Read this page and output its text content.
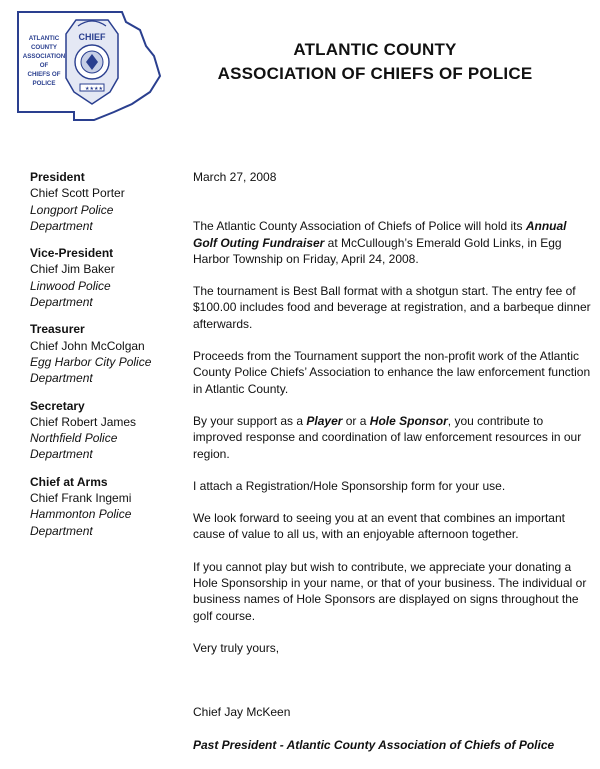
★★★★
CHIEF
ATLANTIC
COUNTY
ASSOCIATION
OF
CHIEFS OF
POLICE
ATLANTIC COUNTY
ASSOCIATION OF CHIEFS OF POLICE
President
Chief Scott Porter
Longport Police Department
Vice-President
Chief Jim Baker
Linwood Police Department
Treasurer
Chief John McColgan
Egg Harbor City Police Department
Secretary
Chief Robert James
Northfield Police Department
Chief at Arms
Chief Frank Ingemi
Hammonton Police Department

March 27, 2008

The Atlantic County Association of Chiefs of Police will hold its Annual Golf Outing Fundraiser at McCullough’s Emerald Gold Links, in Egg Harbor Township on Friday, April 24, 2008.

The tournament is Best Ball format with a shotgun start. The entry fee of $100.00 includes food and beverage at registration, and a barbeque dinner afterwards.

Proceeds from the Tournament support the non-profit work of the Atlantic County Police Chiefs’ Association to enhance the law enforcement function in Atlantic County.

By your support as a Player or a Hole Sponsor, you contribute to improved response and coordination of law enforcement resources in our region.

I attach a Registration/Hole Sponsorship form for your use.

We look forward to seeing you at an event that combines an important cause of value to all us, with an enjoyable afternoon together.

If you cannot play but wish to contribute, we appreciate your donating a Hole Sponsorship in your name, or that of your business. The individual or business names of Hole Sponsors are displayed on signs throughout the golf course.

Very truly yours,

Chief Jay McKeen

Past President - Atlantic County Association of Chiefs of Police
